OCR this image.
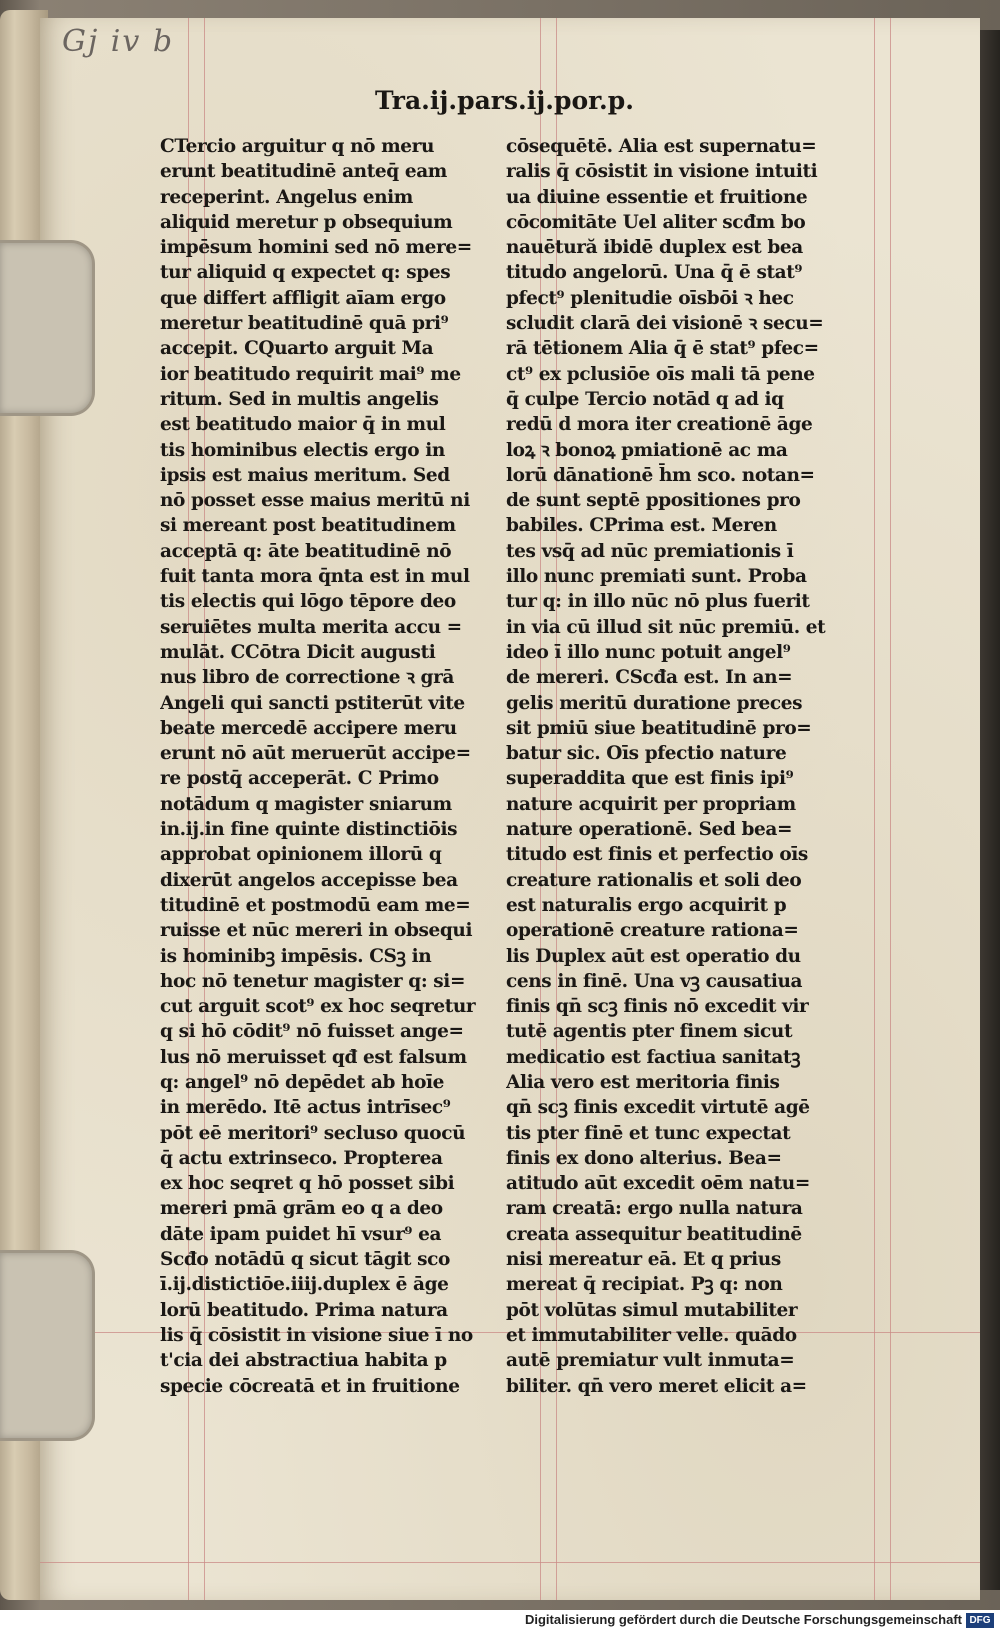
Gj iv b
Tra.ij.pars.ij.por.p.
CTercio arguitur q nō meru
erunt beatitudinē anteq̄ eam
receperint. Angelus enim
aliquid meretur p obsequium
impēsum homini sed nō mere=
tur aliquid q expectet q: spes
que differt affligit aīam ergo
meretur beatitudinē quā pri⁹
accepit. CQuarto arguit Ma
ior beatitudo requirit mai⁹ me
ritum. Sed in multis angelis
est beatitudo maior q̄ in mul
tis hominibus electis ergo in
ipsis est maius meritum. Sed
nō posset esse maius meritū ni
si mereant post beatitudinem
acceptā q: āte beatitudinē nō
fuit tanta mora q̄nta est in mul
tis electis qui lōgo tēpore deo
seruiētes multa merita accu =
mulāt. CCōtra Dicit augusti
nus libro de correctione ꝛ grā
Angeli qui sancti pstiterūt vite
beate mercedē accipere meru
erunt nō aūt meruerūt accipe=
re postq̄ acceperāt. C Primo
notādum q magister sniarum
in.ij.in fine quinte distinctiōis
approbat opinionem illorū q
dixerūt angelos accepisse bea
titudinē et postmodū eam me=
ruisse et nūc mereri in obsequi
is hominibꝫ impēsis. CSꝫ in
hoc nō tenetur magister q: si=
cut arguit scot⁹ ex hoc seqretur
q si hō cōdit⁹ nō fuisset ange=
lus nō meruisset qđ est falsum
q: angel⁹ nō depēdet ab hoīe
in merēdo. Itē actus intrīsec⁹
pōt eē meritori⁹ secluso quocū
q̄ actu extrinseco. Propterea
ex hoc seqret q hō posset sibi
mereri pmā grām eo q a deo
dāte ipam puidet hī vsur⁹ ea
Scđo notādū q sicut tāgit sco
ī.ij.distictiōe.iiij.duplex ē āge
lorū beatitudo. Prima natura
lis q̄ cōsistit in visione siue ī no
t'cia dei abstractiua habita p
specie cōcreatā et in fruitione
cōsequētē. Alia est supernatu=
ralis q̄ cōsistit in visione intuiti
ua diuine essentie et fruitione
cōcomitāte Uel aliter scđm bo
nauētură ibidē duplex est bea
titudo angelorū. Una q̄ ē stat⁹
pfect⁹ plenitudie oīsbōi ꝛ hec
scludit clarā dei visionē ꝛ secu=
rā tētionem Alia q̄ ē stat⁹ pfec=
ct⁹ ex pclusiōe oīs mali tā pene
q̄ culpe Tercio notād q ad iq
redū d mora iter creationē āge
loꝝ ꝛ bonoꝝ pmiationē ac ma
lorū dānationē h̄m sco. notan=
de sunt septē ppositiones pro
babiles. CPrima est. Meren
tes vsq̄ ad nūc premiationis ī
illo nunc premiati sunt. Proba
tur q: in illo nūc nō plus fuerit
in via cū illud sit nūc premiū. et
ideo ī illo nunc potuit angel⁹
de mereri. CScđa est. In an=
gelis meritū duratione preces
sit pmiū siue beatitudinē pro=
batur sic. Oīs pfectio nature
superaddita que est finis ipi⁹
nature acquirit per propriam
nature operationē. Sed bea=
titudo est finis et perfectio oīs
creature rationalis et soli deo
est naturalis ergo acquirit p
operationē creature rationa=
lis Duplex aūt est operatio du
cens in finē. Una vꝫ causatiua
finis qn̄ scꝫ finis nō excedit vir
tutē agentis pter finem sicut
medicatio est factiua sanitatꝫ
Alia vero est meritoria finis
qn̄ scꝫ finis excedit virtutē agē
tis pter finē et tunc expectat
finis ex dono alterius. Bea=
atitudo aūt excedit oēm natu=
ram creatā: ergo nulla natura
creata assequitur beatitudinē
nisi mereatur eā. Et q prius
mereat q̄ recipiat. Pꝫ q: non
pōt volūtas simul mutabiliter
et immutabiliter velle. quādo
autē premiatur vult inmuta=
biliter. qn̄ vero meret elicit a=
Digitalisierung gefördert durch die Deutsche Forschungsgemeinschaft DFG
